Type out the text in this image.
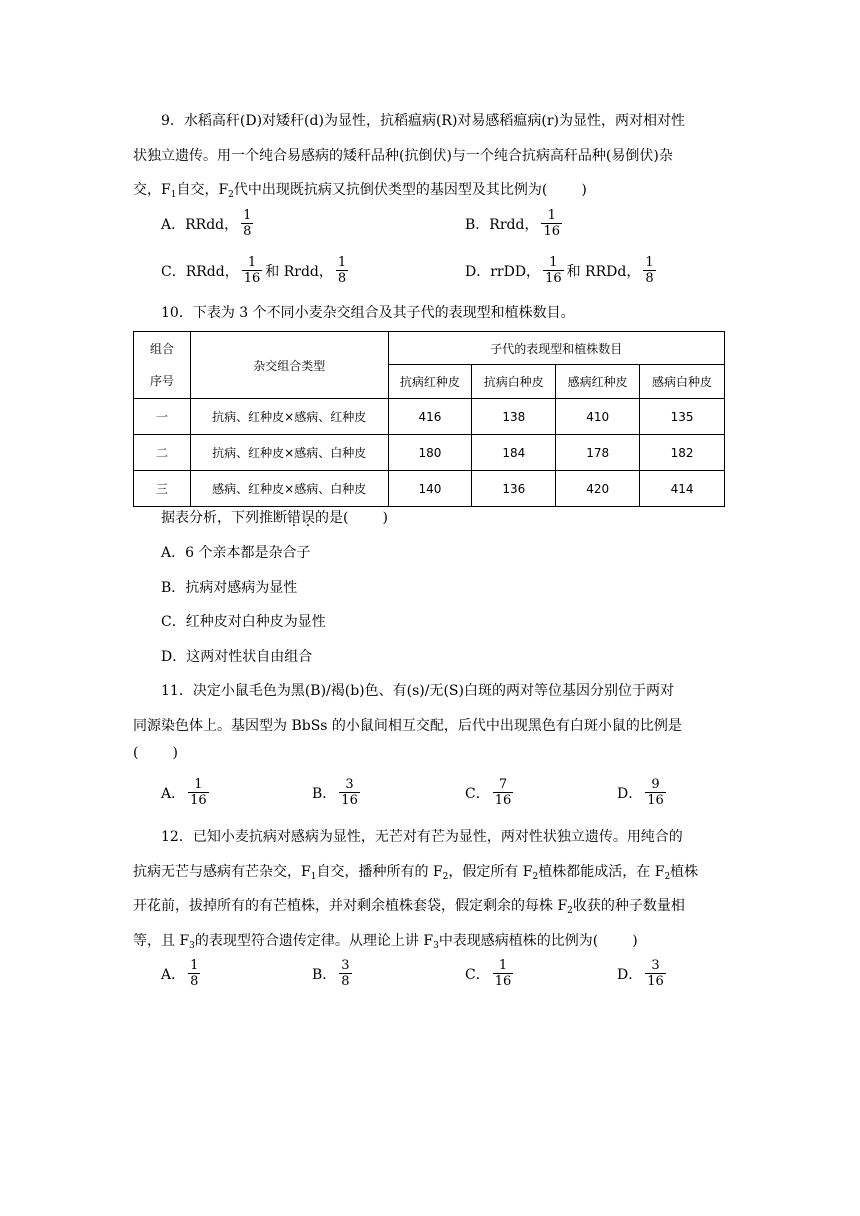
9．水稻高秆(D)对矮秆(d)为显性，抗稻瘟病(R)对易感稻瘟病(r)为显性，两对相对性
状独立遗传。用一个纯合易感病的矮秆品种(抗倒伏)与一个纯合抗病高秆品种(易倒伏)杂
交，$F_1$自交，$F_2$代中出现既抗病又抗倒伏类型的基因型及其比例为( )
A．RRdd， $\frac{1}{8}$	B．Rrdd， $\frac{1}{16}$
C．RRdd， $\frac{1}{16}$ 和 Rrdd， $\frac{1}{8}$	D．rrDD， $\frac{1}{16}$ 和 RRDd， $\frac{1}{8}$
10．下表为 3 个不同小麦杂交组合及其子代的表现型和植株数目。
组合
序号	杂交组合类型	子代的表现型和植株数目			
		抗病红种皮	抗病白种皮	感病红种皮	感病白种皮
一	抗病、红种皮×感病、红种皮	416	138	410	135
二	抗病、红种皮×感病、白种皮	180	184	178	182
三	感病、红种皮×感病、白种皮	140	136	420	414
据表分析，下列推断错误的是( )
A．6 个亲本都是杂合子
B．抗病对感病为显性
C．红种皮对白种皮为显性
D．这两对性状自由组合
11．决定小鼠毛色为黑(B)/褐(b)色、有(s)/无(S)白斑的两对等位基因分别位于两对
同源染色体上。基因型为 BbSs 的小鼠间相互交配，后代中出现黑色有白斑小鼠的比例是
( )
A． $\frac{1}{16}$	B． $\frac{3}{16}$	C． $\frac{7}{16}$	D． $\frac{9}{16}$
12．已知小麦抗病对感病为显性，无芒对有芒为显性，两对性状独立遗传。用纯合的
抗病无芒与感病有芒杂交，$F_1$自交，播种所有的 $F_2$，假定所有 $F_2$植株都能成活，在 $F_2$植株
开花前，拔掉所有的有芒植株，并对剩余植株套袋，假定剩余的每株 $F_2$收获的种子数量相
等，且 $F_3$的表现型符合遗传定律。从理论上讲 $F_3$中表现感病植株的比例为( )
A． $\frac{1}{8}$	B． $\frac{3}{8}$	C． $\frac{1}{16}$	D． $\frac{3}{16}$
